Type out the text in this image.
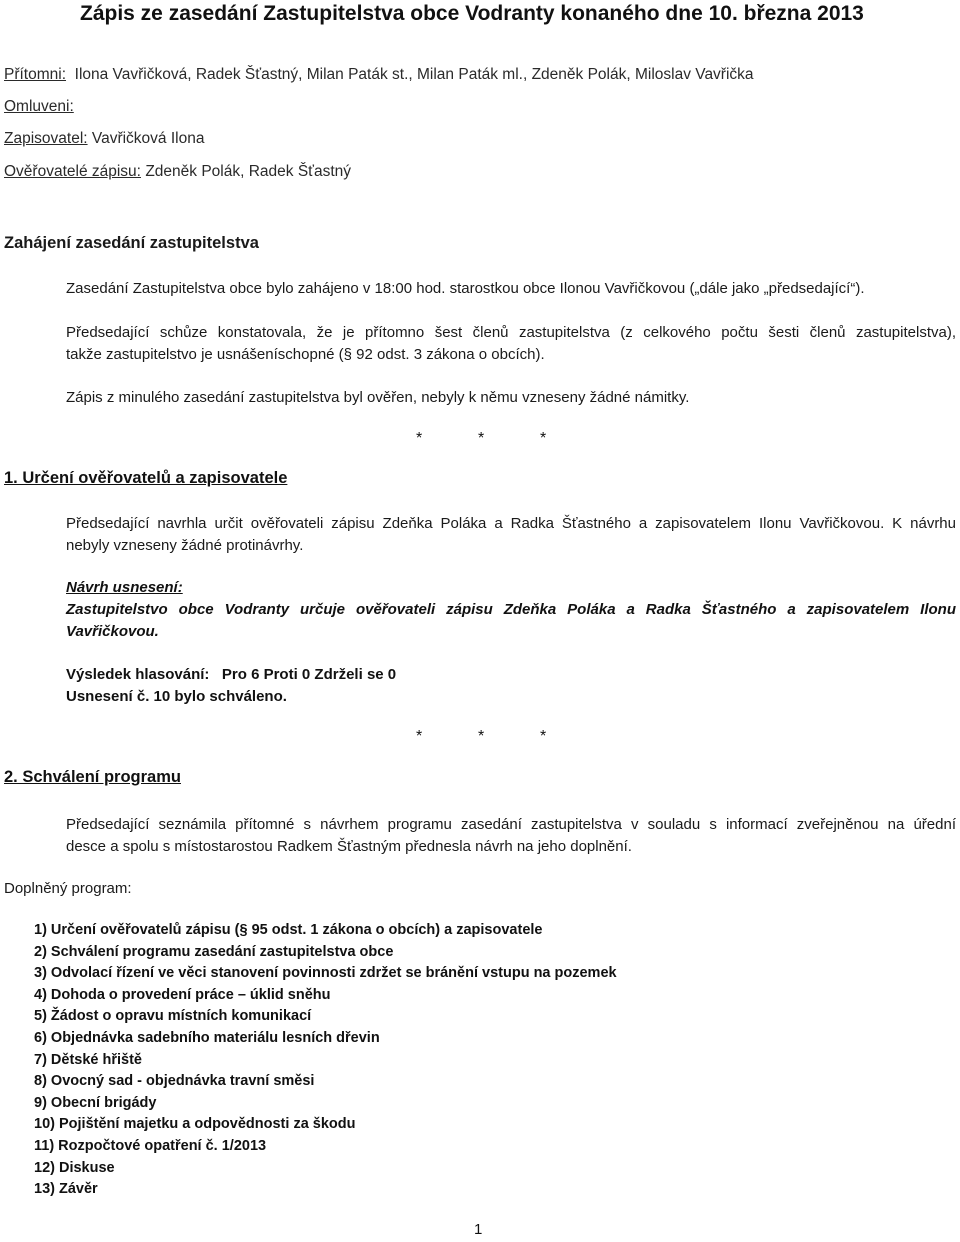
Zápis ze zasedání Zastupitelstva obce Vodranty konaného dne 10. března 2013
Přítomni: Ilona Vavřičková, Radek Šťastný, Milan Paták st., Milan Paták ml., Zdeněk Polák, Miloslav Vavřička
Omluveni:
Zapisovatel: Vavřičková Ilona
Ověřovatelé zápisu: Zdeněk Polák, Radek Šťastný
Zahájení zasedání zastupitelstva
Zasedání Zastupitelstva obce bylo zahájeno v 18:00 hod. starostkou obce Ilonou Vavřičkovou („dále jako „předsedající“).
Předsedající schůze konstatovala, že je přítomno šest členů zastupitelstva (z celkového počtu šesti členů zastupitelstva),
takže zastupitelstvo je usnášeníschopné (§ 92 odst. 3 zákona o obcích).
Zápis z minulého zasedání zastupitelstva byl ověřen, nebyly k němu vzneseny žádné námitky.
*	*	*
1. Určení ověřovatelů a zapisovatele
Předsedající navrhla určit ověřovateli zápisu Zdeňka Poláka a Radka Šťastného a zapisovatelem Ilonu Vavřičkovou. K návrhu
nebyly vzneseny žádné protinávrhy.
Návrh usnesení:
Zastupitelstvo obce Vodranty určuje ověřovateli zápisu Zdeňka Poláka a Radka Šťastného a zapisovatelem Ilonu
Vavřičkovou.
Výsledek hlasování:   Pro 6 Proti 0 Zdrželi se 0
Usnesení č. 10 bylo schváleno.
*	*	*
2. Schválení programu
Předsedající seznámila přítomné s návrhem programu zasedání zastupitelstva v souladu s informací zveřejněnou na úřední
desce a spolu s místostarostou Radkem Šťastným přednesla návrh na jeho doplnění.
Doplněný program:
1) Určení ověřovatelů zápisu (§ 95 odst. 1 zákona o obcích) a zapisovatele
2) Schválení programu zasedání zastupitelstva obce
3) Odvolací řízení ve věci stanovení povinnosti zdržet se bránění vstupu na pozemek
4) Dohoda o provedení práce – úklid sněhu
5) Žádost o opravu místních komunikací
6) Objednávka sadebního materiálu lesních dřevin
7) Dětské hřiště
8) Ovocný sad - objednávka travní směsi
9) Obecní brigády
10) Pojištění majetku a odpovědnosti za škodu
11) Rozpočtové opatření č. 1/2013
12) Diskuse
13) Závěr
1
